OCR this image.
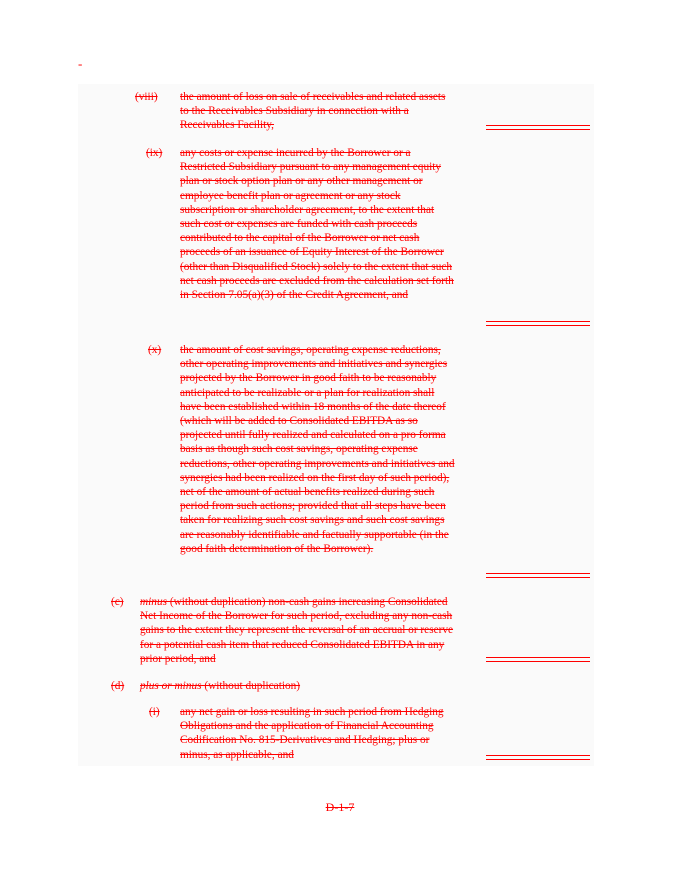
-
(viii) the amount of loss on sale of receivables and related assets to the Receivables Subsidiary in connection with a Receivables Facility,
(ix) any costs or expense incurred by the Borrower or a Restricted Subsidiary pursuant to any management equity plan or stock option plan or any other management or employee benefit plan or agreement or any stock subscription or shareholder agreement, to the extent that such cost or expenses are funded with cash proceeds contributed to the capital of the Borrower or net cash proceeds of an issuance of Equity Interest of the Borrower (other than Disqualified Stock) solely to the extent that such net cash proceeds are excluded from the calculation set forth in Section 7.05(a)(3) of the Credit Agreement, and
(x) the amount of cost savings, operating expense reductions, other operating improvements and initiatives and synergies projected by the Borrower in good faith to be reasonably anticipated to be realizable or a plan for realization shall have been established within 18 months of the date thereof (which will be added to Consolidated EBITDA as so projected until fully realized and calculated on a pro forma basis as though such cost savings, operating expense reductions, other operating improvements and initiatives and synergies had been realized on the first day of such period), net of the amount of actual benefits realized during such period from such actions; provided that all steps have been taken for realizing such cost savings and such cost savings are reasonably identifiable and factually supportable (in the good faith determination of the Borrower).
(c) minus (without duplication) non-cash gains increasing Consolidated Net Income of the Borrower for such period, excluding any non-cash gains to the extent they represent the reversal of an accrual or reserve for a potential cash item that reduced Consolidated EBITDA in any prior period, and
(d) plus or minus (without duplication)
(i) any net gain or loss resulting in such period from Hedging Obligations and the application of Financial Accounting Codification No. 815-Derivatives and Hedging; plus or minus, as applicable, and
D-1-7
